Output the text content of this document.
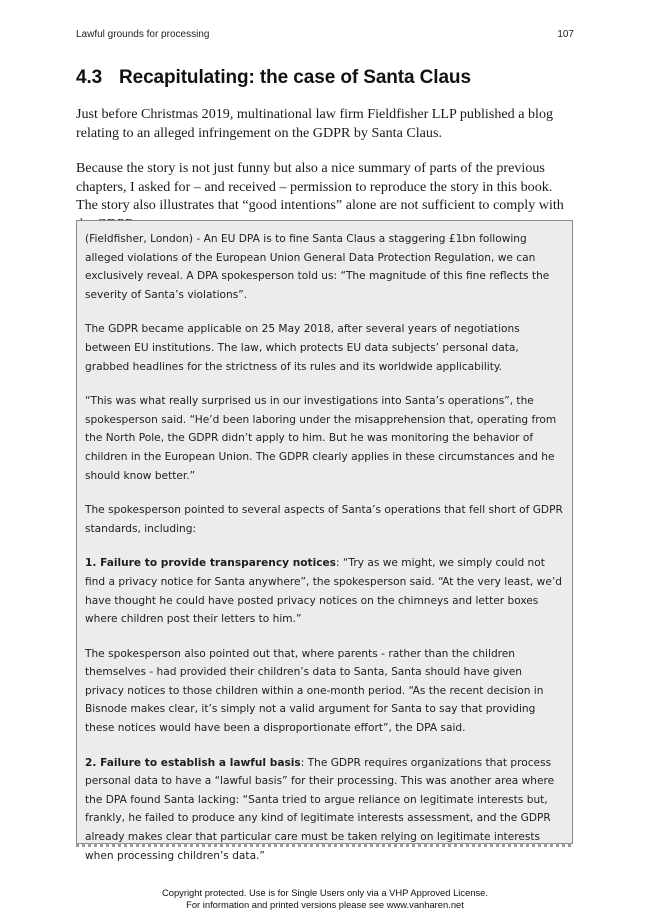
Lawful grounds for processing	107
4.3 Recapitulating: the case of Santa Claus
Just before Christmas 2019, multinational law firm Fieldfisher LLP published a blog relating to an alleged infringement on the GDPR by Santa Claus.
Because the story is not just funny but also a nice summary of parts of the previous chapters, I asked for – and received – permission to reproduce the story in this book. The story also illustrates that “good intentions” alone are not sufficient to comply with

(Fieldfisher, London) - An EU DPA is to fine Santa Claus a staggering £1bn following alleged violations of the European Union General Data Protection Regulation, we can exclusively reveal. A DPA spokesperson told us: “The magnitude of this fine reflects the severity of Santa’s violations”.

The GDPR became applicable on 25 May 2018, after several years of negotiations between EU institutions. The law, which protects EU data subjects’ personal data, grabbed headlines for the strictness of its rules and its worldwide applicability.

“This was what really surprised us in our investigations into Santa’s operations”, the spokesperson said. “He’d been laboring under the misapprehension that, operating from the North Pole, the GDPR didn’t apply to him. But he was monitoring the behavior of children in the European Union. The GDPR clearly applies in these circumstances and he should know better.”

The spokesperson pointed to several aspects of Santa’s operations that fell short of GDPR standards, including:

1. Failure to provide transparency notices: “Try as we might, we simply could not find a privacy notice for Santa anywhere”, the spokesperson said. “At the very least, we’d have thought he could have posted privacy notices on the chimneys and letter boxes where children post their letters to him.”

The spokesperson also pointed out that, where parents - rather than the children themselves - had provided their children’s data to Santa, Santa should have given privacy notices to those children within a one-month period. “As the recent decision in Bisnode makes clear, it’s simply not a valid argument for Santa to say that providing these notices would have been a disproportionate effort”, the DPA said.

2. Failure to establish a lawful basis: The GDPR requires organizations that process personal data to have a “lawful basis” for their processing. This was another area where the DPA found Santa lacking: “Santa tried to argue reliance on legitimate interests but, frankly, he failed to produce any kind of legitimate interests assessment, and the GDPR already makes clear that particular care must be taken relying on legitimate interests when processing children’s data.”

Copyright protected. Use is for Single Users only via a VHP Approved License.
For information and printed versions please see www.vanharen.net
